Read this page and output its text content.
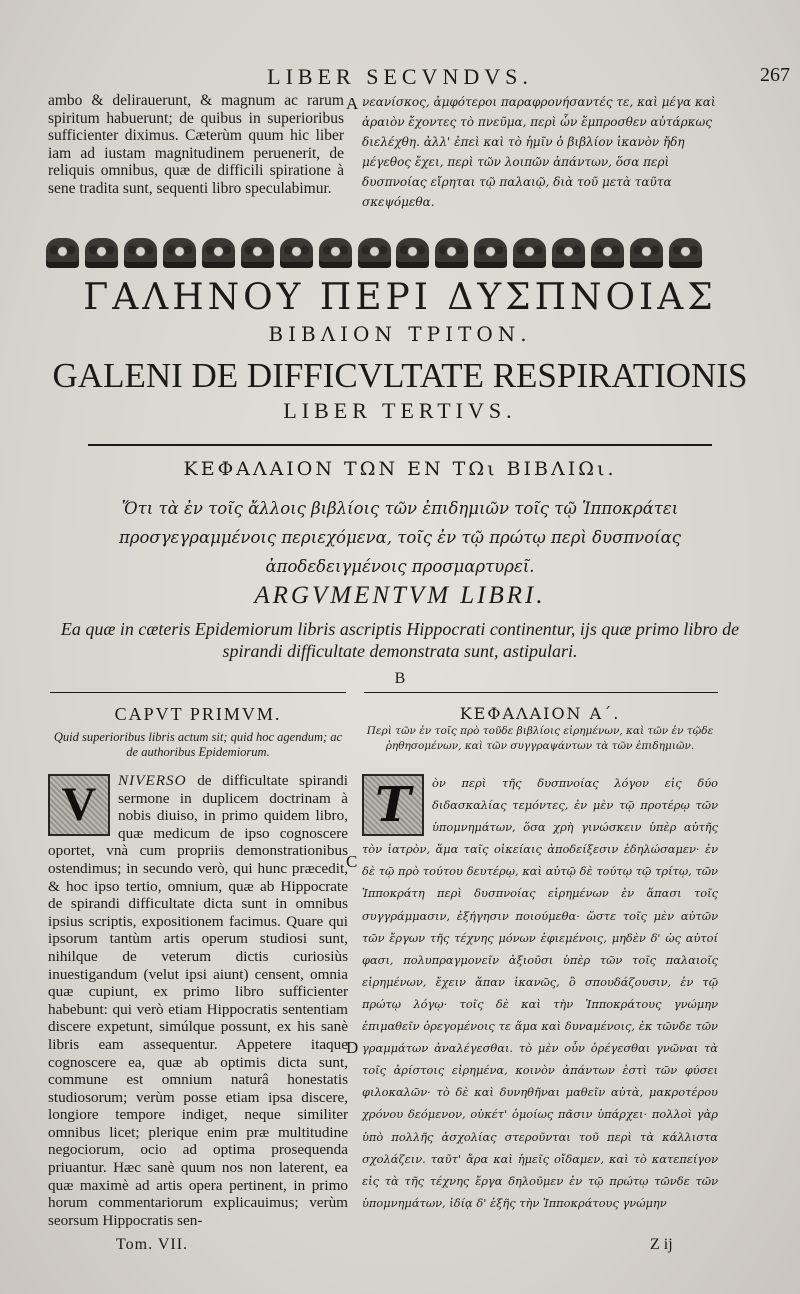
LIBER SECVNDVS.	267
ambo & delirauerunt, & magnum ac rarum spiritum habuerunt; de quibus in superioribus sufficienter diximus. Cæterùm quum hic liber iam ad iustam magnitudinem peruenerit, de reliquis omnibus, quæ de difficili spiratione à sene tradita sunt, sequenti libro speculabimur.
A νεανίσκος, ἀμφότεροι παραφρονήσαντές τε, καὶ μέγα καὶ ἀραιὸν ἔχοντες τὸ πνεῦμα, περὶ ὧν ἔμπροσθεν αὐτάρκως διελέχθη. ἀλλ' ἐπεὶ καὶ τὸ ἡμῖν ὁ βιβλίον ἱκανὸν ἤδη μέγεθος ἔχει, περὶ τῶν λοιπῶν ἁπάντων, ὅσα περὶ δυσπνοίας εἴρηται τῷ παλαιῷ, διὰ τοῦ μετὰ ταῦτα σκεψόμεθα.
ΓΑΛΗΝΟΥ ΠΕΡΙ ΔΥΣΠΝΟΙΑΣ
ΒΙΒΛΙΟΝ ΤΡΙΤΟΝ.
GALENI DE DIFFICVLTATE RESPIRATIONIS
LIBER TERTIVS.
ΚΕΦΑΛΑΙΟΝ ΤΩΝ ΕΝ ΤΩι ΒΙΒΛΙΩι.
Ὅτι τὰ ἐν τοῖς ἄλλοις βιβλίοις τῶν ἐπιδημιῶν τοῖς τῷ Ἱπποκράτει προσγεγραμμένοις περιεχόμενα, τοῖς ἐν τῷ πρώτῳ περὶ δυσπνοίας ἀποδεδειγμένοις προσμαρτυρεῖ.
ARGVMENTVM LIBRI.
Ea quæ in cæteris Epidemiorum libris ascriptis Hippocrati continentur, ijs quæ primo libro de spirandi difficultate demonstrata sunt, astipulari.
B
CAPVT PRIMVM.	ΚΕΦΑΛΑΙΟΝ Α΄.
Quid superioribus libris actum sit; quid hoc agendum; ac de authoribus Epidemiorum.
Περὶ τῶν ἐν τοῖς πρὸ τοῦδε βιβλίοις εἰρημένων, καὶ τῶν ἐν τῷδε ῥηθησομένων, καὶ τῶν συγγραψάντων τὰ τῶν ἐπιδημιῶν.
V	NIVERSO de difficultate spirandi sermone in duplicem doctrinam à nobis diuiso, in primo quidem libro, quæ medicum de ipso cognoscere oportet, vnà cum propriis demonstrationibus ostendimus; in secundo verò, qui hunc præcedit, & hoc ipso tertio, omnium, quæ ab Hippocrate de spirandi difficultate dicta sunt in omnibus ipsius scriptis, expositionem facimus. Quare qui ipsorum tantùm artis operum studiosi sunt, nihilque de veterum dictis curiosiùs inuestigandum (velut ipsi aiunt) censent, omnia quæ cupiunt, ex primo libro sufficienter habebunt: qui verò etiam Hippocratis sententiam discere expetunt, simúlque possunt, ex his sanè libris eam assequentur. Appetere itaque cognoscere ea, quæ ab optimis dicta sunt, commune est omnium naturâ honestatis studiosorum; verùm posse etiam ipsa discere, longiore tempore indiget, neque similiter omnibus licet; plerique enim præ multitudine negociorum, ocio ad optima prosequenda priuantur. Hæc sanè quum nos non laterent, ea quæ maximè ad artis opera pertinent, in primo horum commentariorum explicauimus; verùm seorsum Hippocratis sen-
C
D
Τ	ὸν περὶ τῆς δυσπνοίας λόγον εἰς δύο διδασκαλίας τεμόντες, ἐν μὲν τῷ προτέρῳ τῶν ὑπομνημάτων, ὅσα χρὴ γινώσκειν ὑπὲρ αὐτῆς τὸν ἰατρὸν, ἅμα ταῖς οἰκείαις ἀποδείξεσιν ἐδηλώσαμεν· ἐν δὲ τῷ πρὸ τούτου δευτέρῳ, καὶ αὐτῷ δὲ τούτῳ τῷ τρίτῳ, τῶν Ἱπποκράτη περὶ δυσπνοίας εἰρημένων ἐν ἅπασι τοῖς συγγράμμασιν, ἐξήγησιν ποιούμεθα· ὥστε τοῖς μὲν αὐτῶν τῶν ἔργων τῆς τέχνης μόνων ἐφιεμένοις, μηδὲν δ' ὡς αὐτοί φασι, πολυπραγμονεῖν ἀξιοῦσι ὑπὲρ τῶν τοῖς παλαιοῖς εἰρημένων, ἔχειν ἅπαν ἱκανῶς, ὃ σπουδάζουσιν, ἐν τῷ πρώτῳ λόγῳ· τοῖς δὲ καὶ τὴν Ἱπποκράτους γνώμην ἐπιμαθεῖν ὀρεγομένοις τε ἅμα καὶ δυναμένοις, ἐκ τῶνδε τῶν γραμμάτων ἀναλέγεσθαι. τὸ μὲν οὖν ὀρέγεσθαι γνῶναι τὰ τοῖς ἀρίστοις εἰρημένα, κοινὸν ἁπάντων ἐστὶ τῶν φύσει φιλοκαλῶν· τὸ δὲ καὶ δυνηθῆναι μαθεῖν αὐτὰ, μακροτέρου χρόνου δεόμενον, οὐκέτ' ὁμοίως πᾶσιν ὑπάρχει· πολλοὶ γὰρ ὑπὸ πολλῆς ἀσχολίας στεροῦνται τοῦ περὶ τὰ κάλλιστα σχολάζειν. ταῦτ' ἄρα καὶ ἡμεῖς οἴδαμεν, καὶ τὸ κατεπείγον εἰς τὰ τῆς τέχνης ἔργα δηλοῦμεν ἐν τῷ πρώτῳ τῶνδε τῶν ὑπομνημάτων, ἰδίᾳ δ' ἑξῆς τὴν Ἱπποκράτους γνώμην
Tom. VII.	Z ij
